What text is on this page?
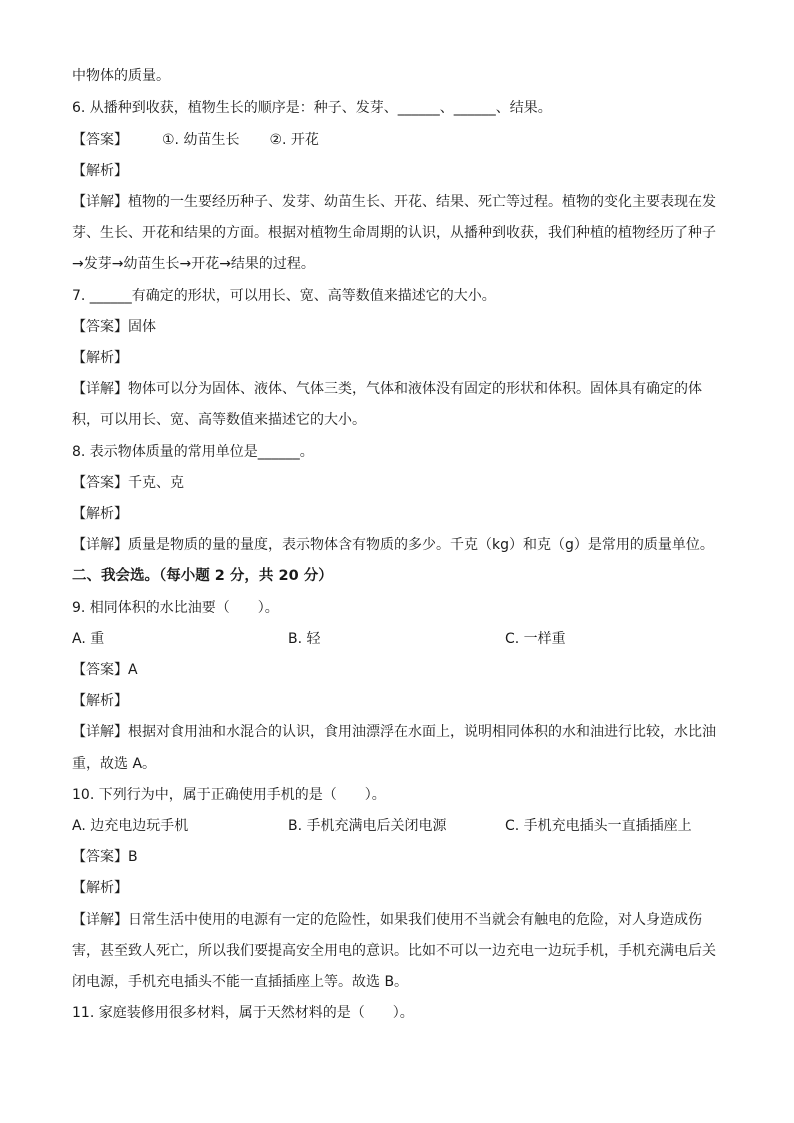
中物体的质量。
6. 从播种到收获，植物生长的顺序是：种子、发芽、______、______、结果。
【答案】 ①. 幼苗生长 ②. 开花
【解析】
【详解】植物的一生要经历种子、发芽、幼苗生长、开花、结果、死亡等过程。植物的变化主要表现在发
芽、生长、开花和结果的方面。根据对植物生命周期的认识，从播种到收获，我们种植的植物经历了种子
→发芽→幼苗生长→开花→结果的过程。
7. ______有确定的形状，可以用长、宽、高等数值来描述它的大小。
【答案】固体
【解析】
【详解】物体可以分为固体、液体、气体三类，气体和液体没有固定的形状和体积。固体具有确定的体
积，可以用长、宽、高等数值来描述它的大小。
8. 表示物体质量的常用单位是______。
【答案】千克、克
【解析】
【详解】质量是物质的量的量度，表示物体含有物质的多少。千克（kg）和克（g）是常用的质量单位。
二、我会选。（每小题 2 分，共 20 分）
9. 相同体积的水比油要（　　）。
A. 重	B. 轻	C. 一样重
【答案】A
【解析】
【详解】根据对食用油和水混合的认识，食用油漂浮在水面上，说明相同体积的水和油进行比较，水比油
重，故选 A。
10. 下列行为中，属于正确使用手机的是（　　）。
A. 边充电边玩手机	B. 手机充满电后关闭电源	C. 手机充电插头一直插插座上
【答案】B
【解析】
【详解】日常生活中使用的电源有一定的危险性，如果我们使用不当就会有触电的危险，对人身造成伤
害，甚至致人死亡，所以我们要提高安全用电的意识。比如不可以一边充电一边玩手机，手机充满电后关
闭电源，手机充电插头不能一直插插座上等。故选 B。
11. 家庭装修用很多材料，属于天然材料的是（　　）。
